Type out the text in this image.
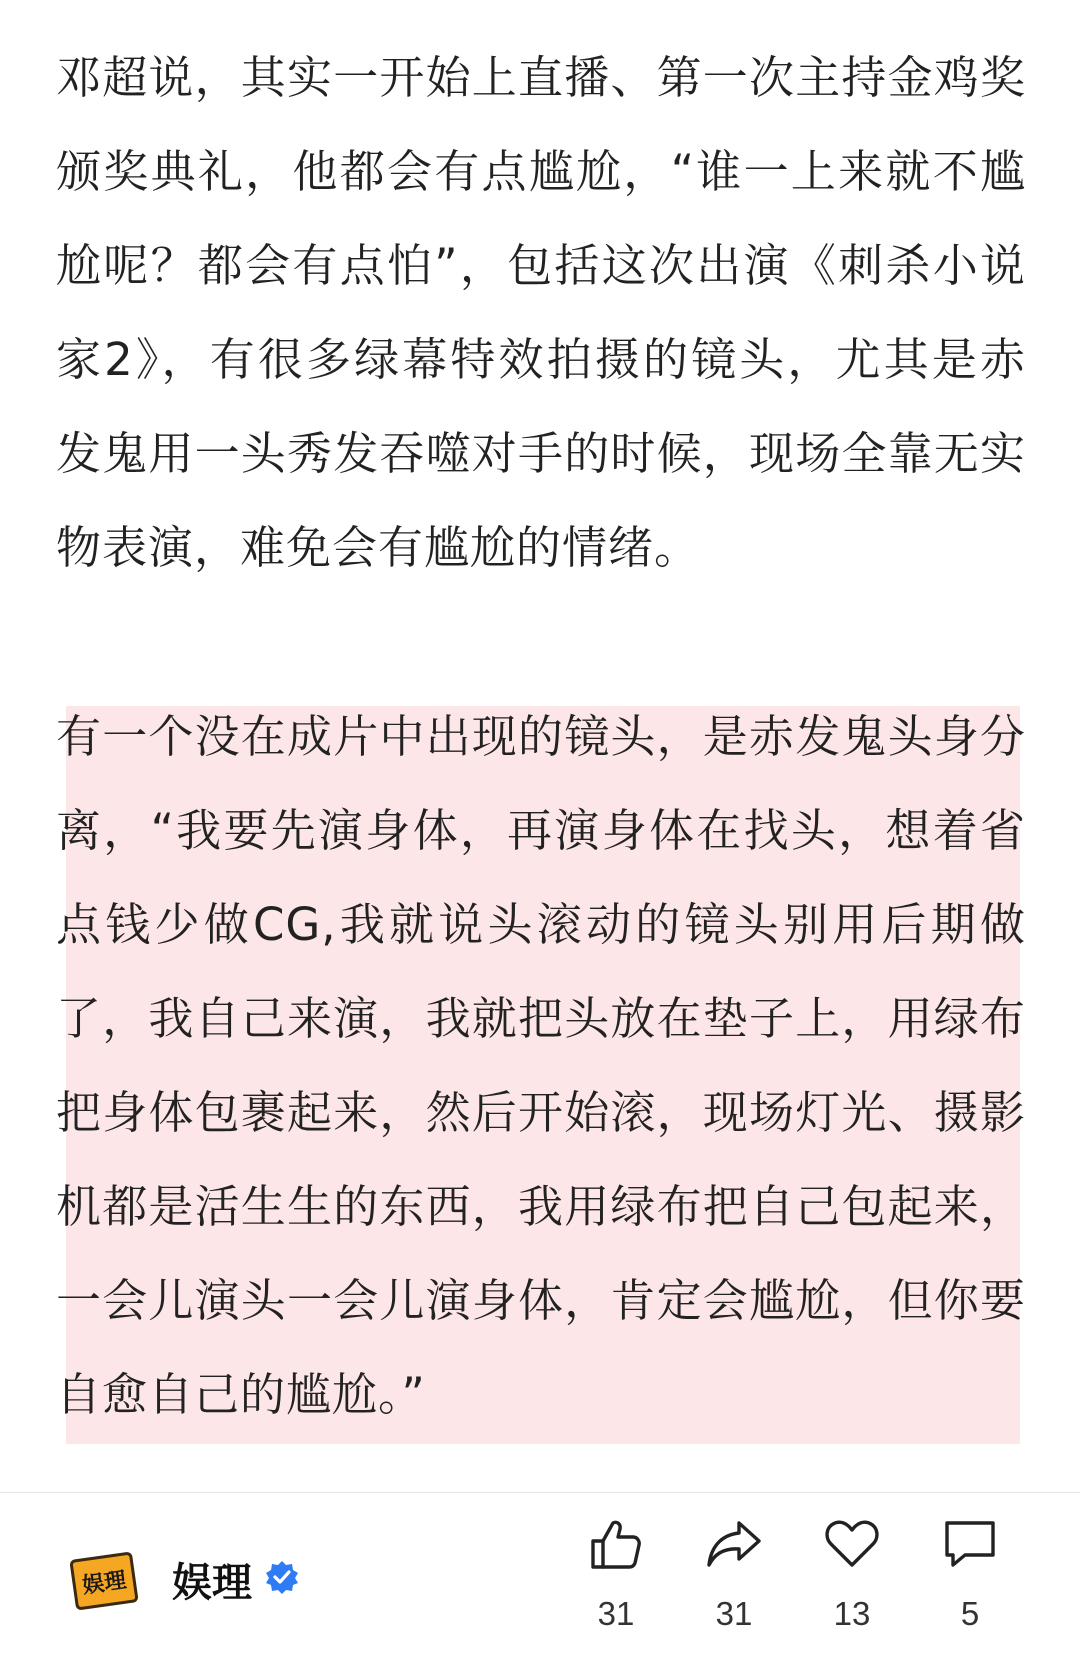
邓超说，其实一开始上直播、第一次主持金鸡奖颁奖典礼，他都会有点尴尬，“谁一上来就不尴尬呢？都会有点怕”，包括这次出演《刺杀小说家2》，有很多绿幕特效拍摄的镜头，尤其是赤发鬼用一头秀发吞噬对手的时候，现场全靠无实物表演，难免会有尴尬的情绪。
有一个没在成片中出现的镜头，是赤发鬼头身分离，“我要先演身体，再演身体在找头，想着省点钱少做CG,我就说头滚动的镜头别用后期做了，我自己来演，我就把头放在垫子上，用绿布把身体包裹起来，然后开始滚，现场灯光、摄影机都是活生生的东西，我用绿布把自己包起来，一会儿演头一会儿演身体，肯定会尴尬，但你要自愈自己的尴尬。”
娱理 娱理
31	31	13	5
